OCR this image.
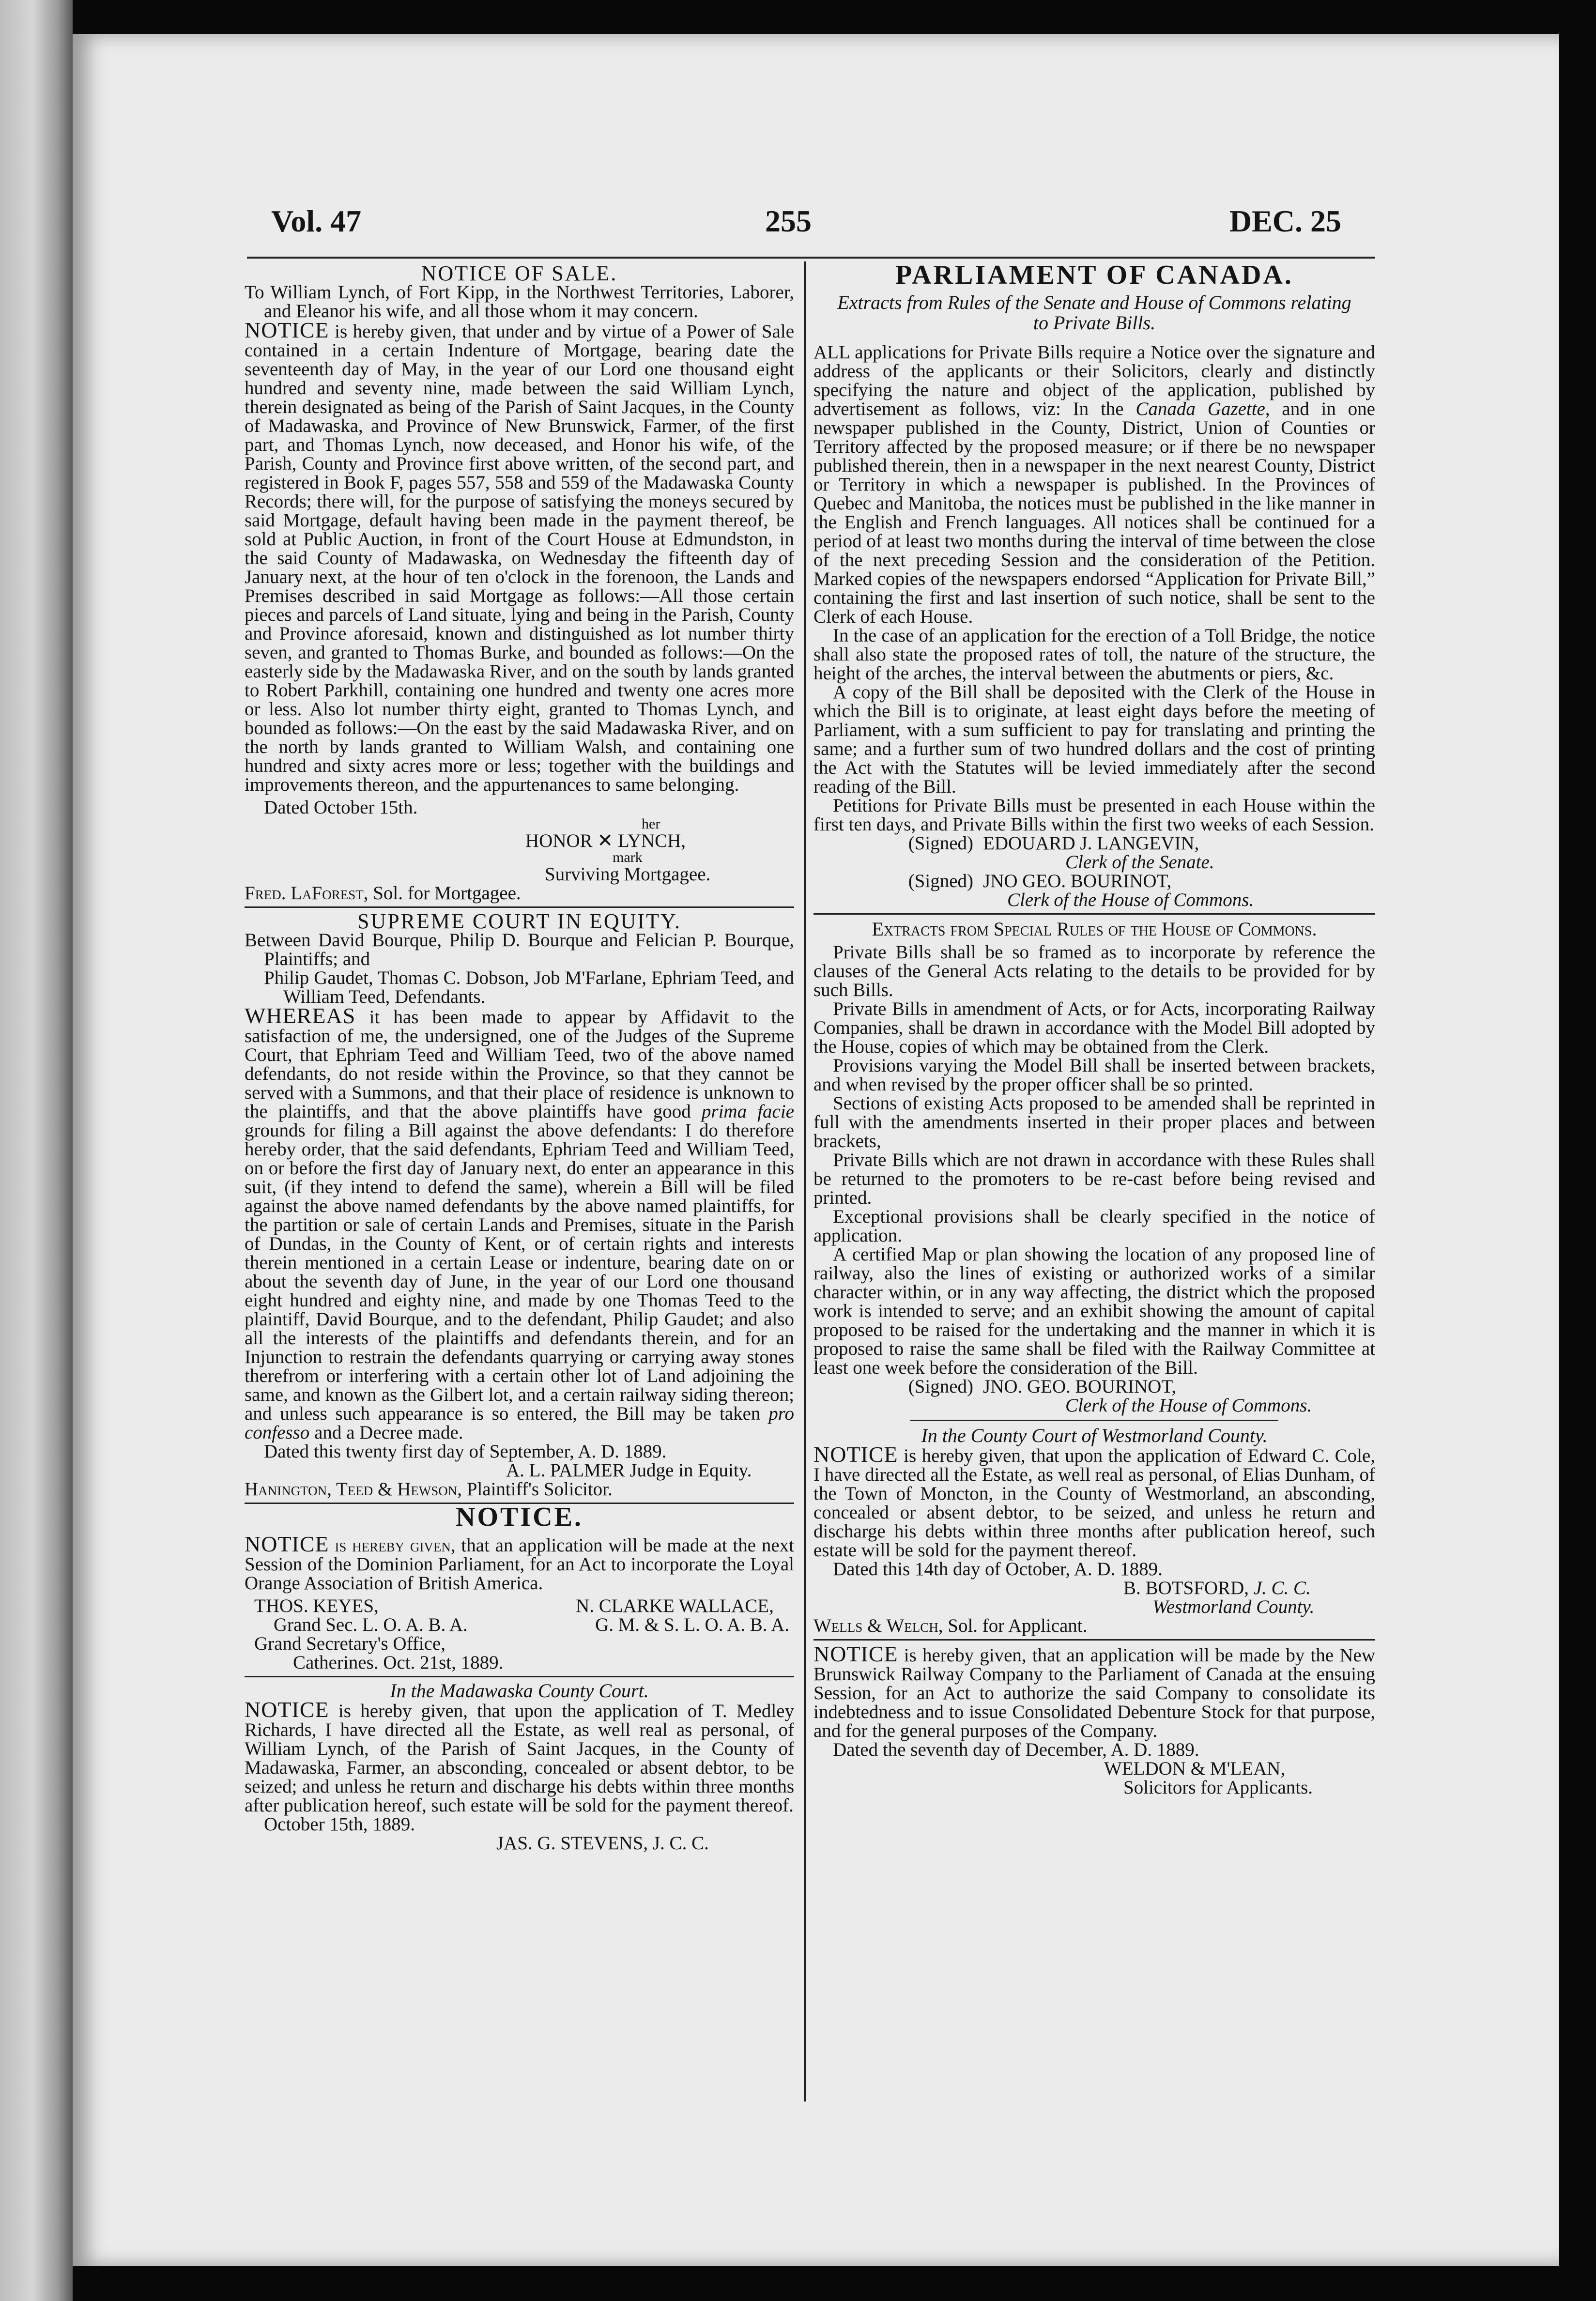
Vol. 47	255	DEC. 25

NOTICE OF SALE.

To William Lynch, of Fort Kipp, in the Northwest Territories, Laborer, and Eleanor his wife, and all those whom it may concern.

NOTICE is hereby given, that under and by virtue of a Power of Sale contained in a certain Indenture of Mortgage, bearing date the seventeenth day of May, in the year of our Lord one thousand eight hundred and seventy nine, made between the said William Lynch, therein designated as being of the Parish of Saint Jacques, in the County of Madawaska, and Province of New Brunswick, Farmer, of the first part, and Thomas Lynch, now deceased, and Honor his wife, of the Parish, County and Province first above written, of the second part, and registered in Book F, pages 557, 558 and 559 of the Madawaska County Records; there will, for the purpose of satisfying the moneys secured by said Mortgage, default having been made in the payment thereof, be sold at Public Auction, in front of the Court House at Edmundston, in the said County of Madawaska, on Wednesday the fifteenth day of January next, at the hour of ten o'clock in the forenoon, the Lands and Premises described in said Mortgage as follows:—All those certain pieces and parcels of Land situate, lying and being in the Parish, County and Province aforesaid, known and distinguished as lot number thirty seven, and granted to Thomas Burke, and bounded as follows:—On the easterly side by the Madawaska River, and on the south by lands granted to Robert Parkhill, containing one hundred and twenty one acres more or less. Also lot number thirty eight, granted to Thomas Lynch, and bounded as follows:—On the east by the said Madawaska River, and on the north by lands granted to William Walsh, and containing one hundred and sixty acres more or less; together with the buildings and improvements thereon, and the appurtenances to same belonging.

Dated October 15th.

her

HONOR ✕ LYNCH,

mark

Surviving Mortgagee.

Fred. LaForest, Sol. for Mortgagee.

SUPREME COURT IN EQUITY.

Between David Bourque, Philip D. Bourque and Felician P. Bourque, Plaintiffs; and

Philip Gaudet, Thomas C. Dobson, Job M'Farlane, Ephriam Teed, and William Teed, Defendants.

WHEREAS it has been made to appear by Affidavit to the satisfaction of me, the undersigned, one of the Judges of the Supreme Court, that Ephriam Teed and William Teed, two of the above named defendants, do not reside within the Province, so that they cannot be served with a Summons, and that their place of residence is unknown to the plaintiffs, and that the above plaintiffs have good prima facie grounds for filing a Bill against the above defendants: I do therefore hereby order, that the said defendants, Ephriam Teed and William Teed, on or before the first day of January next, do enter an appearance in this suit, (if they intend to defend the same), wherein a Bill will be filed against the above named defendants by the above named plaintiffs, for the partition or sale of certain Lands and Premises, situate in the Parish of Dundas, in the County of Kent, or of certain rights and interests therein mentioned in a certain Lease or indenture, bearing date on or about the seventh day of June, in the year of our Lord one thousand eight hundred and eighty nine, and made by one Thomas Teed to the plaintiff, David Bourque, and to the defendant, Philip Gaudet; and also all the interests of the plaintiffs and defendants therein, and for an Injunction to restrain the defendants quarrying or carrying away stones therefrom or interfering with a certain other lot of Land adjoining the same, and known as the Gilbert lot, and a certain railway siding thereon; and unless such appearance is so entered, the Bill may be taken pro confesso and a Decree made.

Dated this twenty first day of September, A. D. 1889.

A. L. PALMER Judge in Equity.

Hanington, Teed & Hewson, Plaintiff's Solicitor.

NOTICE.

NOTICE is hereby given, that an application will be made at the next Session of the Dominion Parliament, for an Act to incorporate the Loyal Orange Association of British America.

THOS. KEYES,

Grand Sec. L. O. A. B. A.

N. CLARKE WALLACE,

G. M. & S. L. O. A. B. A.

Grand Secretary's Office,

Catherines. Oct. 21st, 1889.

In the Madawaska County Court.

NOTICE is hereby given, that upon the application of T. Medley Richards, I have directed all the Estate, as well real as personal, of William Lynch, of the Parish of Saint Jacques, in the County of Madawaska, Farmer, an absconding, concealed or absent debtor, to be seized; and unless he return and discharge his debts within three months after publication hereof, such estate will be sold for the payment thereof.

October 15th, 1889.

JAS. G. STEVENS, J. C. C.

PARLIAMENT OF CANADA.

Extracts from Rules of the Senate and House of Commons relating to Private Bills.

ALL applications for Private Bills require a Notice over the signature and address of the applicants or their Solicitors, clearly and distinctly specifying the nature and object of the application, published by advertisement as follows, viz: In the Canada Gazette, and in one newspaper published in the County, District, Union of Counties or Territory affected by the proposed measure; or if there be no newspaper published therein, then in a newspaper in the next nearest County, District or Territory in which a newspaper is published. In the Provinces of Quebec and Manitoba, the notices must be published in the like manner in the English and French languages. All notices shall be continued for a period of at least two months during the interval of time between the close of the next preceding Session and the consideration of the Petition. Marked copies of the newspapers endorsed “Application for Private Bill,” containing the first and last insertion of such notice, shall be sent to the Clerk of each House.

In the case of an application for the erection of a Toll Bridge, the notice shall also state the proposed rates of toll, the nature of the structure, the height of the arches, the interval between the abutments or piers, &c.

A copy of the Bill shall be deposited with the Clerk of the House in which the Bill is to originate, at least eight days before the meeting of Parliament, with a sum sufficient to pay for translating and printing the same; and a further sum of two hundred dollars and the cost of printing the Act with the Statutes will be levied immediately after the second reading of the Bill.

Petitions for Private Bills must be presented in each House within the first ten days, and Private Bills within the first two weeks of each Session.

(Signed) EDOUARD J. LANGEVIN,

Clerk of the Senate.

(Signed) JNO GEO. BOURINOT,

Clerk of the House of Commons.

Extracts from Special Rules of the House of Commons.

Private Bills shall be so framed as to incorporate by reference the clauses of the General Acts relating to the details to be provided for by such Bills.

Private Bills in amendment of Acts, or for Acts, incorporating Railway Companies, shall be drawn in accordance with the Model Bill adopted by the House, copies of which may be obtained from the Clerk.

Provisions varying the Model Bill shall be inserted between brackets, and when revised by the proper officer shall be so printed.

Sections of existing Acts proposed to be amended shall be reprinted in full with the amendments inserted in their proper places and between brackets,

Private Bills which are not drawn in accordance with these Rules shall be returned to the promoters to be re-cast before being revised and printed.

Exceptional provisions shall be clearly specified in the notice of application.

A certified Map or plan showing the location of any proposed line of railway, also the lines of existing or authorized works of a similar character within, or in any way affecting, the district which the proposed work is intended to serve; and an exhibit showing the amount of capital proposed to be raised for the undertaking and the manner in which it is proposed to raise the same shall be filed with the Railway Committee at least one week before the consideration of the Bill.

(Signed) JNO. GEO. BOURINOT,

Clerk of the House of Commons.

In the County Court of Westmorland County.

NOTICE is hereby given, that upon the application of Edward C. Cole, I have directed all the Estate, as well real as personal, of Elias Dunham, of the Town of Moncton, in the County of Westmorland, an absconding, concealed or absent debtor, to be seized, and unless he return and discharge his debts within three months after publication hereof, such estate will be sold for the payment thereof.

Dated this 14th day of October, A. D. 1889.

B. BOTSFORD, J. C. C.

Westmorland County.

Wells & Welch, Sol. for Applicant.

NOTICE is hereby given, that an application will be made by the New Brunswick Railway Company to the Parliament of Canada at the ensuing Session, for an Act to authorize the said Company to consolidate its indebtedness and to issue Consolidated Debenture Stock for that purpose, and for the general purposes of the Company.

Dated the seventh day of December, A. D. 1889.

WELDON & M'LEAN,

Solicitors for Applicants.
